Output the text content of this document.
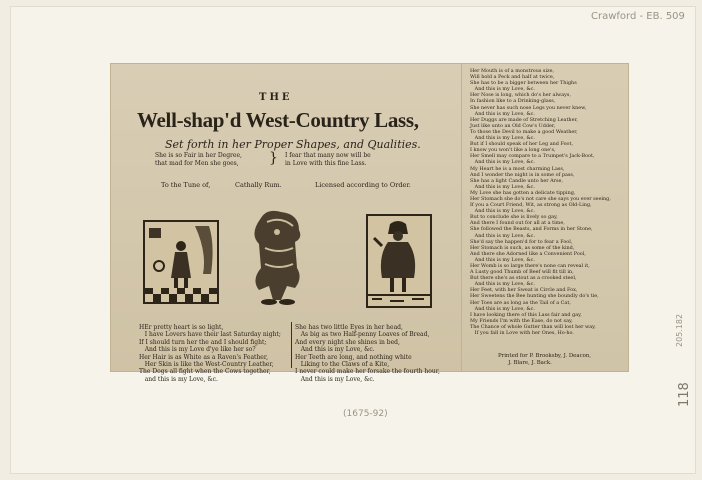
Crawford - EB. 509
205.182
118
(1675-92)
THE
Well-shap'd West-Country Lass,
Set forth in her Proper Shapes, and Qualities.
She is so Fair in her Degree,
that mad for Men she goes, } I fear that many now will be
in Love with this fine Lass.
To the Tune of,	Cathally Rum.	Licensed according to Order.
HEr pretty heart is so light,
I have Lovers have their last Saturday night;
If I should turn her the and I should fight;
And this is my Love d'ye like her so?
Her Hair is as White as a Raven's Feather,
Her Skin is like the West-Country Leather,
The Dogs all fight when the Cows together,
and this is my Love, &c.
She has two little Eyes in her head,
As big as two Half-penny Loaves of Bread,
And every night she shines in bed,
And this is my Love, &c.
Her Teeth are long, and nothing white
Liking to the Claws of a Kite,
I never could make her forsake the fourth hour,
And this is my Love, &c.
Her Mouth is of a monstrous size,
Will hold a Peck and half at twice,
She has to be a bigger between her Thighs
And this is my Love, &c.
Her Nose is long, which do's her always,
In fashion like to a Drinking-glass,
She never has such nose Legs you never knew,
And this is my Love, &c.
Her Duggs are made of Stretching Leather,
Just like unto an Old Cow's Udder,
To those the Devil to make a good Weather,
And this is my Love, &c.
But if I should speak of her Leg and Foot,
I know you won't like a long one's,
Her Smell may compare to a Trumpet's Jack-Boot,
And this is my Love, &c.
My Heart he is a most charming Lass,
And I wonder the night is in some of pass,
She has a light Candle unto her Arse,
And this is my Love, &c.
My Love she has gotten a delicate tipping,
Her Stomach she do's not care she says you ever seeing,
If you a Court Friend, Wit, as strong as Old-Ling,
And this is my Love, &c.
But to conclude she is lively so gay,
And there I found out for all at a time,
She followed the Beasts, and Forms in her Stone,
And this is my Love, &c.
She'd say the happen'd for to fear a Fool,
Her Stomach is such, as some of the kind,
And there she Adorned like a Convenient Pool,
And this is my Love, &c.
Her Womb is so large there's none can reveal it,
A Lusty good Thumb of Beef will fit till in,
But there she's as stout as a crooked steel,
And this is my Love, &c.
Her Feet, with her Sweat is Circle and Fox,
Her Sweetens the Bee hunting she boundly do's tie,
Her Toes are as long as the Tail of a Cat,
And this is my Love, &c.
I have looking there of this Lass fair and gay,
My Friends I'm with the Ease, do not say,
The Chance of whole Gutter than will lost her way,
If you fall in Love with her Ones, Ho-ho.
Printed for P. Brooksby, J. Deacon,
J. Blare, J. Back.
